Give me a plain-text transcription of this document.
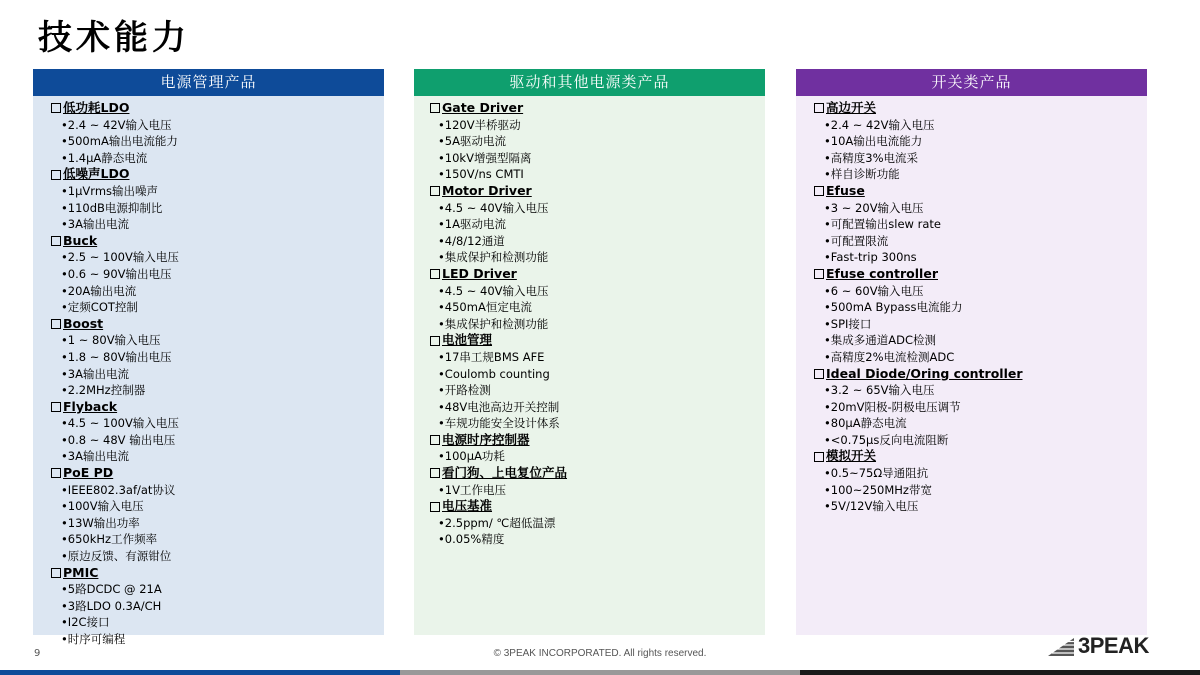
技术能力
电源管理产品
低功耗LDO
• 2.4 ~ 42V输入电压
• 500mA输出电流能力
• 1.4μA静态电流
低噪声LDO
• 1μVrms输出噪声
• 110dB电源抑制比
• 3A输出电流
Buck
• 2.5 ~ 100V输入电压
• 0.6 ~ 90V输出电压
• 20A输出电流
• 定频COT控制
Boost
• 1 ~ 80V输入电压
• 1.8 ~ 80V输出电压
• 3A输出电流
• 2.2MHz控制器
Flyback
• 4.5 ~ 100V输入电压
• 0.8 ~ 48V 输出电压
• 3A输出电流
PoE PD
• IEEE802.3af/at协议
• 100V输入电压
• 13W输出功率
• 650kHz工作频率
• 原边反馈、有源钳位
PMIC
• 5路DCDC @ 21A
• 3路LDO 0.3A/CH
• I2C接口
• 时序可编程
驱动和其他电源类产品
Gate Driver
• 120V半桥驱动
• 5A驱动电流
• 10kV增强型隔离
• 150V/ns CMTI
Motor Driver
• 4.5 ~ 40V输入电压
• 1A驱动电流
• 4/8/12通道
• 集成保护和检测功能
LED Driver
• 4.5 ~ 40V输入电压
• 450mA恒定电流
• 集成保护和检测功能
电池管理
• 17串工规BMS AFE
• Coulomb counting
• 开路检测
• 48V电池高边开关控制
• 车规功能安全设计体系
电源时序控制器
• 100μA功耗
看门狗、上电复位产品
• 1V工作电压
电压基准
• 2.5ppm/ ℃超低温漂
• 0.05%精度
开关类产品
高边开关
• 2.4 ~ 42V输入电压
• 10A输出电流能力
• 高精度3%电流采
• 样自诊断功能
Efuse
• 3 ~ 20V输入电压
• 可配置输出slew rate
• 可配置限流
• Fast-trip 300ns
Efuse controller
• 6 ~ 60V输入电压
• 500mA Bypass电流能力
• SPI接口
• 集成多通道ADC检测
• 高精度2%电流检测ADC
Ideal Diode/Oring controller
• 3.2 ~ 65V输入电压
• 20mV阳极-阴极电压调节
• 80μA静态电流
• <0.75μs反向电流阻断
模拟开关
• 0.5~75Ω导通阻抗
• 100~250MHz带宽
• 5V/12V输入电压
9	© 3PEAK INCORPORATED. All rights reserved.	3PEAK
